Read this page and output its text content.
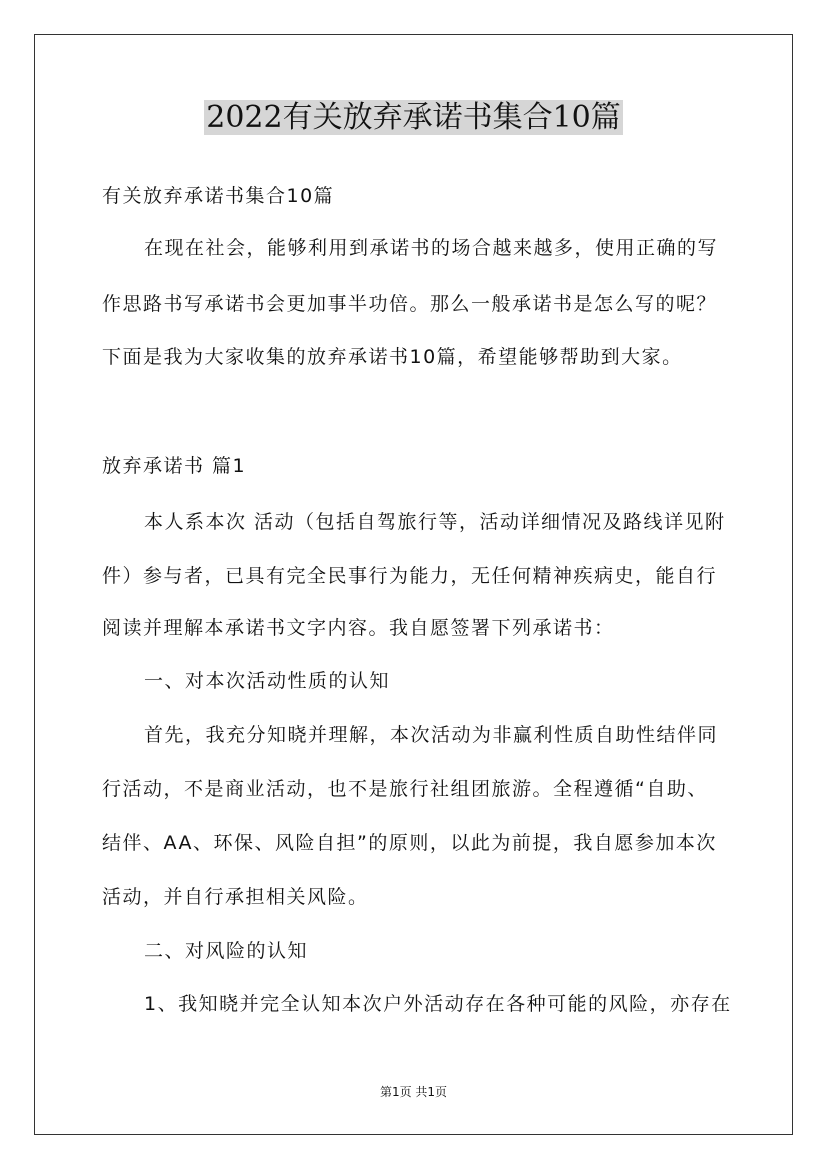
2022有关放弃承诺书集合10篇
有关放弃承诺书集合10篇
在现在社会，能够利用到承诺书的场合越来越多，使用正确的写
作思路书写承诺书会更加事半功倍。那么一般承诺书是怎么写的呢？
下面是我为大家收集的放弃承诺书10篇，希望能够帮助到大家。
放弃承诺书 篇1
本人系本次 活动（包括自驾旅行等，活动详细情况及路线详见附
件）参与者，已具有完全民事行为能力，无任何精神疾病史，能自行
阅读并理解本承诺书文字内容。我自愿签署下列承诺书：
一、对本次活动性质的认知
首先，我充分知晓并理解，本次活动为非赢利性质自助性结伴同
行活动，不是商业活动，也不是旅行社组团旅游。全程遵循“自助、
结伴、AA、环保、风险自担”的原则，以此为前提，我自愿参加本次
活动，并自行承担相关风险。
二、对风险的认知
1、我知晓并完全认知本次户外活动存在各种可能的风险，亦存在
第1页 共1页
